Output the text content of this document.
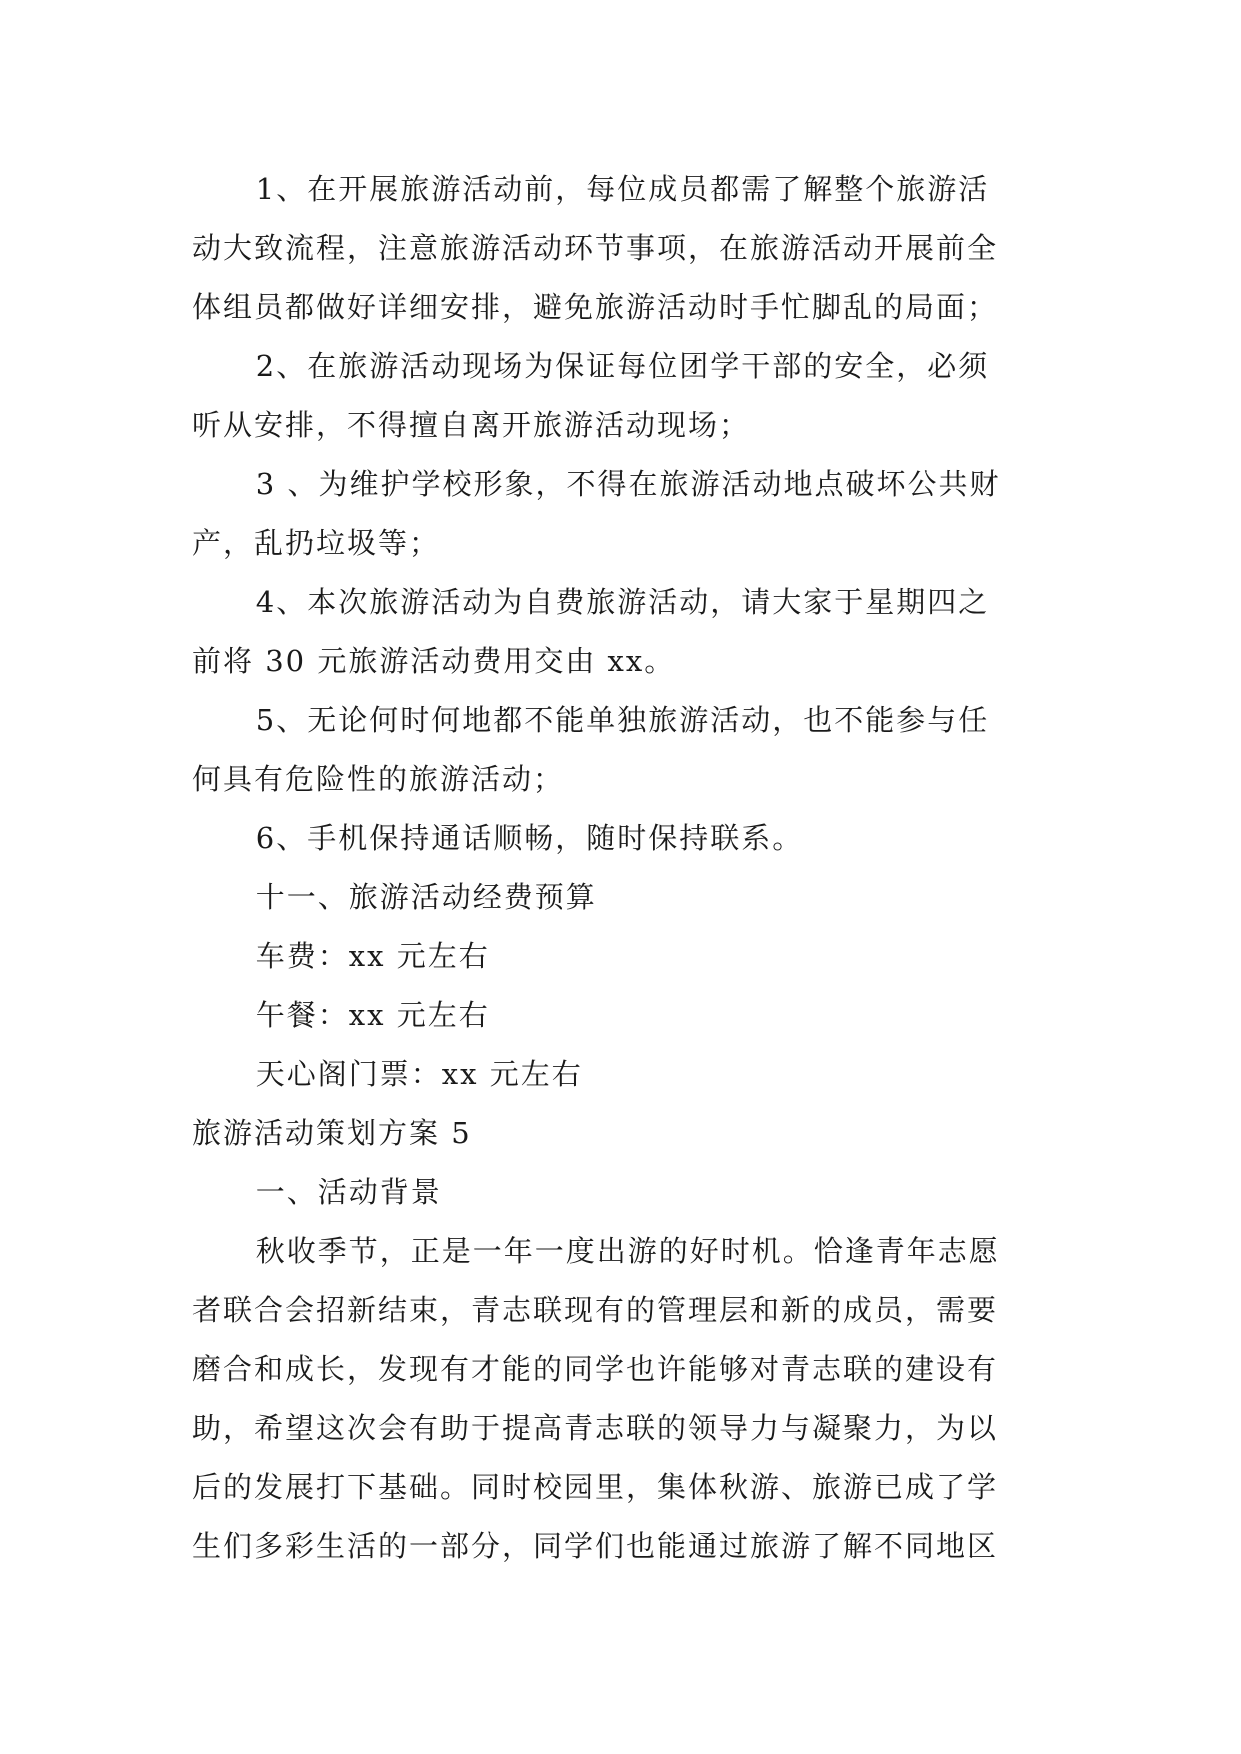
1、在开展旅游活动前，每位成员都需了解整个旅游活
动大致流程，注意旅游活动环节事项，在旅游活动开展前全
体组员都做好详细安排，避免旅游活动时手忙脚乱的局面；
2、在旅游活动现场为保证每位团学干部的安全，必须
听从安排，不得擅自离开旅游活动现场；
3 、为维护学校形象，不得在旅游活动地点破坏公共财
产，乱扔垃圾等；
4、本次旅游活动为自费旅游活动，请大家于星期四之
前将 30 元旅游活动费用交由 xx。
5、无论何时何地都不能单独旅游活动，也不能参与任
何具有危险性的旅游活动；
6、手机保持通话顺畅，随时保持联系。
十一、旅游活动经费预算
车费：xx 元左右
午餐：xx 元左右
天心阁门票：xx 元左右
旅游活动策划方案 5
一、活动背景
秋收季节，正是一年一度出游的好时机。恰逢青年志愿
者联合会招新结束，青志联现有的管理层和新的成员，需要
磨合和成长，发现有才能的同学也许能够对青志联的建设有
助，希望这次会有助于提高青志联的领导力与凝聚力，为以
后的发展打下基础。同时校园里，集体秋游、旅游已成了学
生们多彩生活的一部分，同学们也能通过旅游了解不同地区
